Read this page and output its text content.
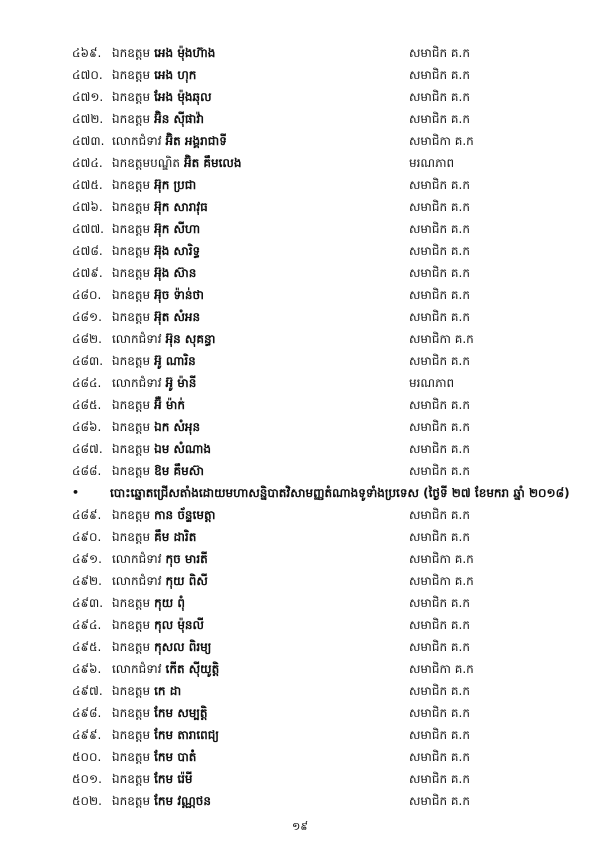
៤៦៩. ឯកឧត្តម អេង ម៉ុងហ៊ាង	សមាជិក គ.ក
៤៧០. ឯកឧត្តម អេង ហុក	សមាជិក គ.ក
៤៧១. ឯកឧត្តម អែង ម៉ុងឆុល	សមាជិក គ.ក
៤៧២. ឯកឧត្តម អ៊ិន ស៊ីផាវ៉ា	សមាជិក គ.ក
៤៧៣. លោកជំទាវ អ៊ិត អង្គរាជាទី	សមាជិកា គ.ក
៤៧៤. ឯកឧត្តមបណ្ឌិត អ៊ិត គឹមលេង	មរណភាព
៤៧៥. ឯកឧត្តម អ៊ុក ប្រជា	សមាជិក គ.ក
៤៧៦. ឯកឧត្តម អ៊ុក សារាវុធ	សមាជិក គ.ក
៤៧៧. ឯកឧត្តម អ៊ុក សីហា	សមាជិក គ.ក
៤៧៨. ឯកឧត្តម អ៊ុង សារិទ្ធ	សមាជិក គ.ក
៤៧៩. ឯកឧត្តម អ៊ុង ស៊ាន	សមាជិក គ.ក
៤៨០. ឯកឧត្តម អ៊ុច ទ៉ាន់ថា	សមាជិក គ.ក
៤៨១. ឯកឧត្តម អ៊ុត សំអន	សមាជិក គ.ក
៤៨២. លោកជំទាវ អ៊ុន សុគន្ធា	សមាជិកា គ.ក
៤៨៣. ឯកឧត្តម អ៊ូ ណារិន	សមាជិក គ.ក
៤៨៤. លោកជំទាវ អ៊ូ ម៉ានី	មរណភាព
៤៨៥. ឯកឧត្តម អ៊ឺ ម៉ាក់	សមាជិក គ.ក
៤៨៦. ឯកឧត្តម ឯក សំអុន	សមាជិក គ.ក
៤៨៧. ឯកឧត្តម ឯម សំណាង	សមាជិក គ.ក
៤៨៨. ឯកឧត្តម ឱម គឹមស៊ា	សមាជិក គ.ក
•	បោះឆ្នោតជ្រើសតាំងដោយមហាសន្និបាតវិសាមញ្ញតំណាងទូទាំងប្រទេស (ថ្ងៃទី ២៧ ខែមករា ឆ្នាំ ២០១៨)
៤៨៩. ឯកឧត្តម កាន ច័ន្ទមេត្តា	សមាជិក គ.ក
៤៩០. ឯកឧត្តម គឹម ដារិត	សមាជិក គ.ក
៤៩១. លោកជំទាវ កុច មារតី	សមាជិកា គ.ក
៤៩២. លោកជំទាវ កុយ ពិសី	សមាជិកា គ.ក
៤៩៣. ឯកឧត្តម កុយ ពុំ	សមាជិក គ.ក
៤៩៤. ឯកឧត្តម កុល ម៉ុនលី	សមាជិក គ.ក
៤៩៥. ឯកឧត្តម កុសល ពិរម្យ	សមាជិក គ.ក
៤៩៦. លោកជំទាវ កើត ស៊ីយូត្តិ	សមាជិកា គ.ក
៤៩៧. ឯកឧត្តម កេ ដា	សមាជិក គ.ក
៤៩៨. ឯកឧត្តម កែម សម្បត្តិ	សមាជិក គ.ក
៤៩៩. ឯកឧត្តម កែម តារាពេជ្យ	សមាជិក គ.ក
៥០០. ឯកឧត្តម កែម បាត់ំ	សមាជិក គ.ក
៥០១. ឯកឧត្តម កែម រ៉េមី	សមាជិក គ.ក
៥០២. ឯកឧត្តម កែម វណ្ណថន	សមាជិក គ.ក
១៩
